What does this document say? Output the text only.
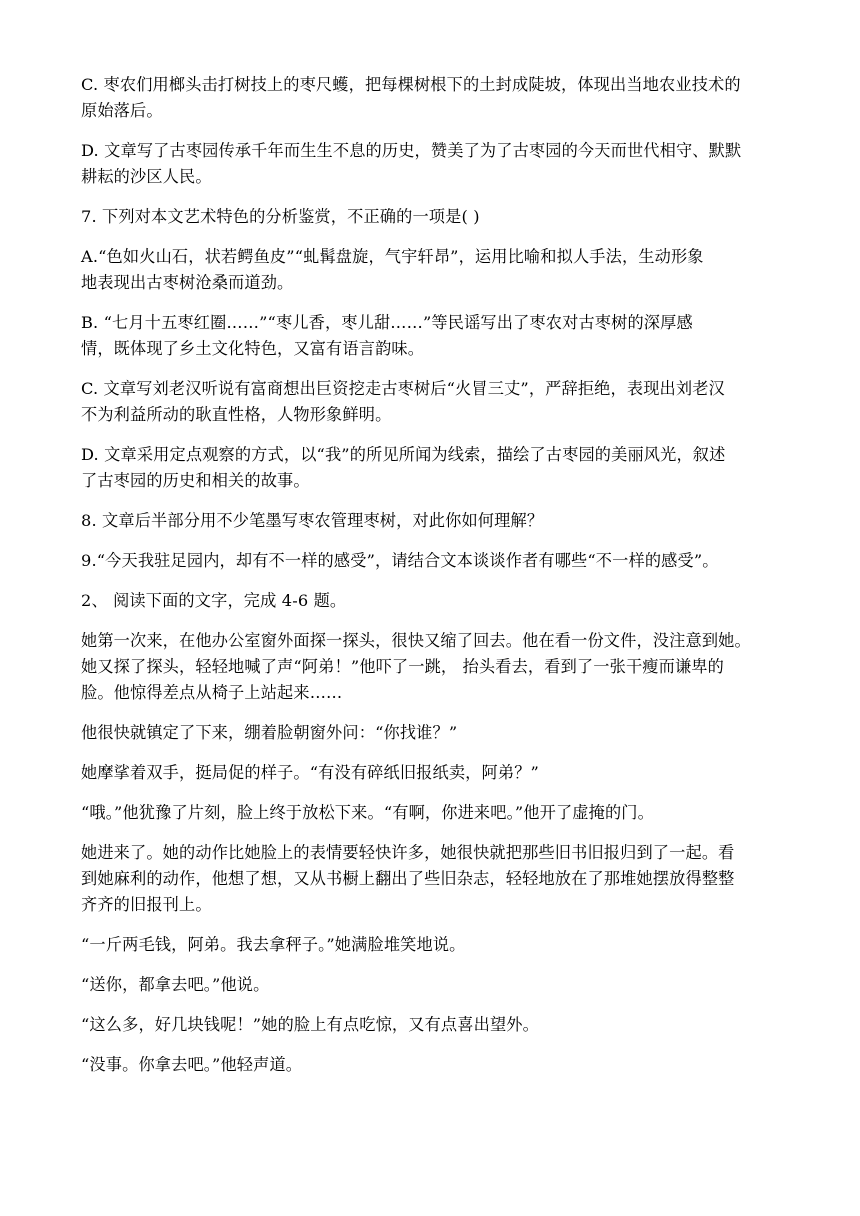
C. 枣农们用榔头击打树技上的枣尺蠖，把每棵树根下的土封成陡坡，体现出当地农业技术的
原始落后。

D. 文章写了古枣园传承千年而生生不息的历史，赞美了为了古枣园的今天而世代相守、默默
耕耘的沙区人民。

7. 下列对本文艺术特色的分析鉴赏，不正确的一项是( )

A.“色如火山石，状若鳄鱼皮”“虬髯盘旋，气宇轩昂”，运用比喻和拟人手法，生动形象
地表现出古枣树沧桑而道劲。

B. “七月十五枣红圈……”“枣儿香，枣儿甜……”等民谣写出了枣农对古枣树的深厚感
情，既体现了乡土文化特色，又富有语言韵味。

C. 文章写刘老汉听说有富商想出巨资挖走古枣树后“火冒三丈”，严辞拒绝，表现出刘老汉
不为利益所动的耿直性格，人物形象鲜明。

D. 文章采用定点观察的方式，以“我”的所见所闻为线索，描绘了古枣园的美丽风光，叙述
了古枣园的历史和相关的故事。

8. 文章后半部分用不少笔墨写枣农管理枣树，对此你如何理解？

9.“今天我驻足园内，却有不一样的感受”，请结合文本谈谈作者有哪些“不一样的感受”。

2、 阅读下面的文字，完成 4-6 题。

她第一次来，在他办公室窗外面探一探头，很快又缩了回去。他在看一份文件，没注意到她。
她又探了探头，轻轻地喊了声“阿弟！”他吓了一跳， 抬头看去，看到了一张干瘦而谦卑的
脸。他惊得差点从椅子上站起来……

他很快就镇定了下来，绷着脸朝窗外问：“你找谁？”

她摩挲着双手，挺局促的样子。“有没有碎纸旧报纸卖，阿弟？”

“哦。”他犹豫了片刻，脸上终于放松下来。“有啊，你进来吧。”他开了虚掩的门。

她进来了。她的动作比她脸上的表情要轻快许多，她很快就把那些旧书旧报归到了一起。看
到她麻利的动作，他想了想，又从书橱上翻出了些旧杂志，轻轻地放在了那堆她摆放得整整
齐齐的旧报刊上。

“一斤两毛钱，阿弟。我去拿秤子。”她满脸堆笑地说。

“送你，都拿去吧。”他说。

“这么多，好几块钱呢！”她的脸上有点吃惊，又有点喜出望外。

“没事。你拿去吧。”他轻声道。
